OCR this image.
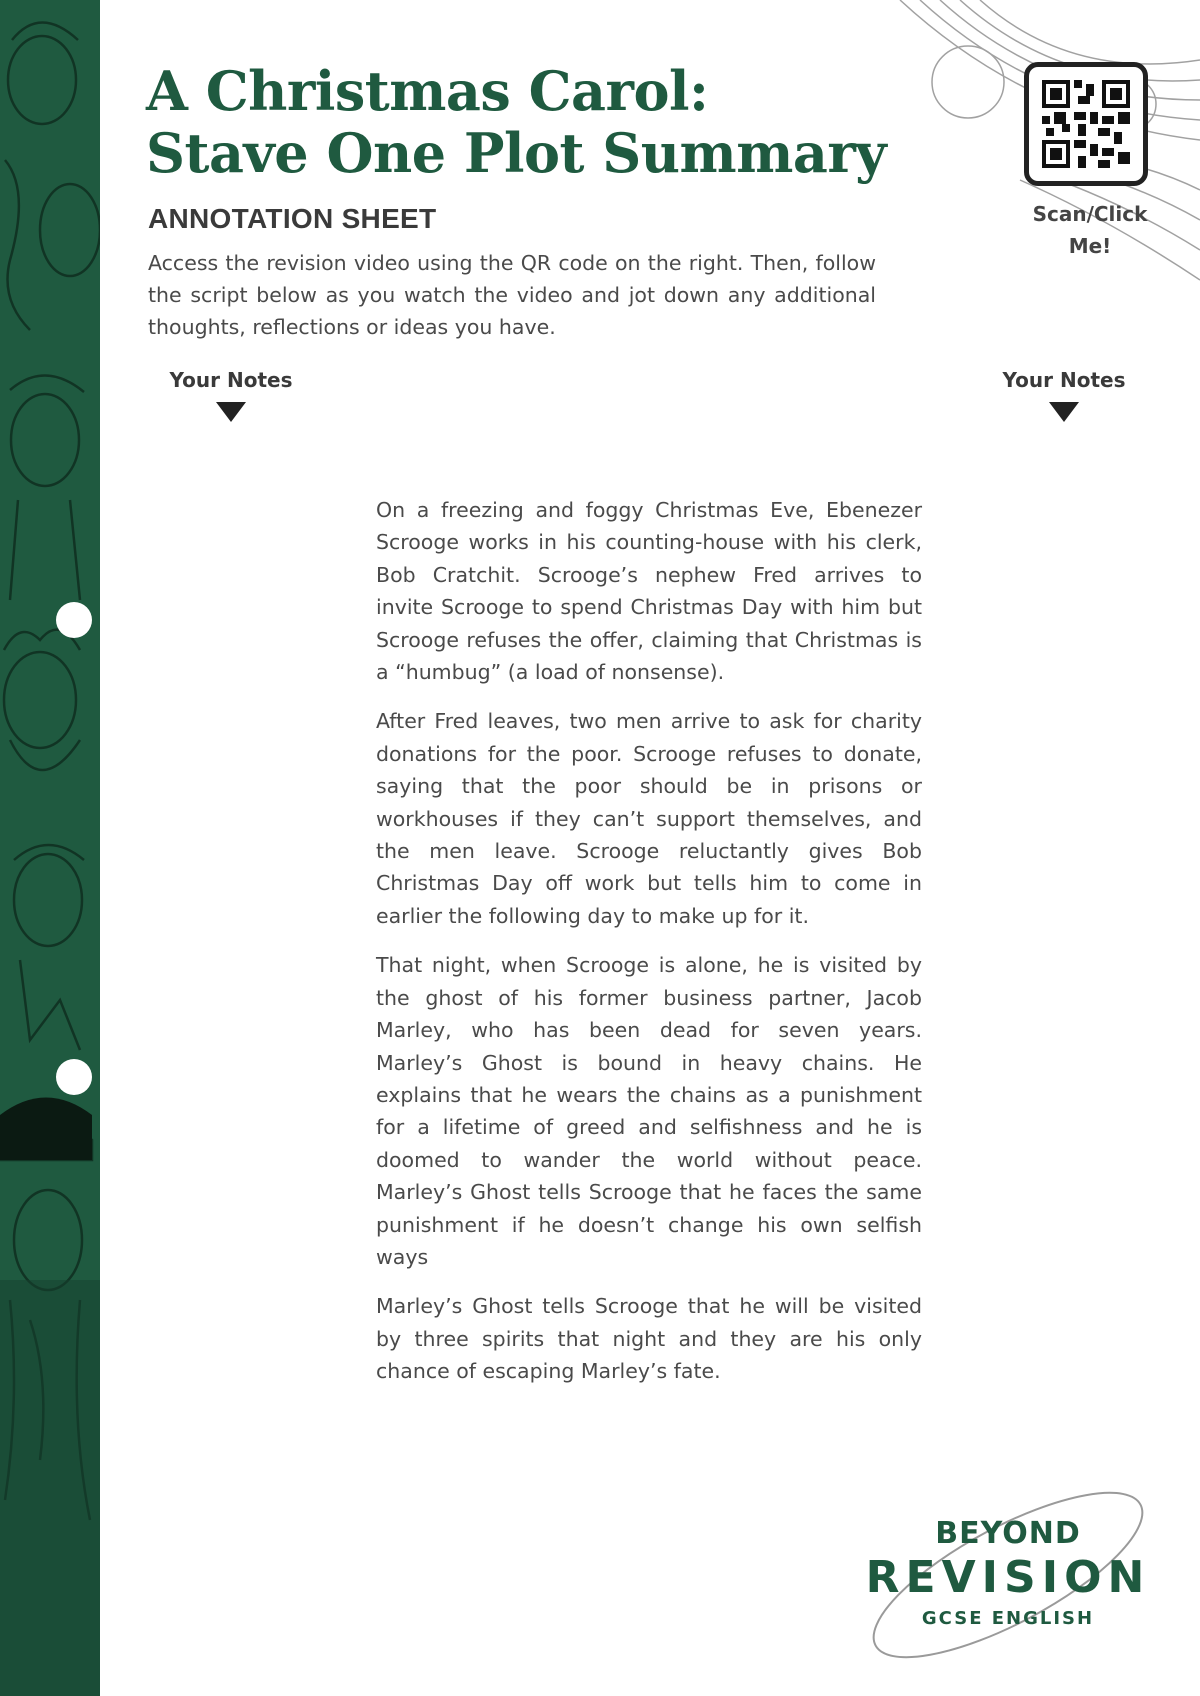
A Christmas Carol:
Stave One Plot Summary
ANNOTATION SHEET

Access the revision video using the QR code on the right. Then, follow the script below as you watch the video and jot down any additional thoughts, reflections or ideas you have.

Scan/Click Me!

Your Notes	Your Notes

On a freezing and foggy Christmas Eve, Ebenezer Scrooge works in his counting-house with his clerk, Bob Cratchit. Scrooge’s nephew Fred arrives to invite Scrooge to spend Christmas Day with him but Scrooge refuses the offer, claiming that Christmas is a “humbug” (a load of nonsense).

After Fred leaves, two men arrive to ask for charity donations for the poor. Scrooge refuses to donate, saying that the poor should be in prisons or workhouses if they can’t support themselves, and the men leave. Scrooge reluctantly gives Bob Christmas Day off work but tells him to come in earlier the following day to make up for it.

That night, when Scrooge is alone, he is visited by the ghost of his former business partner, Jacob Marley, who has been dead for seven years. Marley’s Ghost is bound in heavy chains. He explains that he wears the chains as a punishment for a lifetime of greed and selfishness and he is doomed to wander the world without peace. Marley’s Ghost tells Scrooge that he faces the same punishment if he doesn’t change his own selfish ways

Marley’s Ghost tells Scrooge that he will be visited by three spirits that night and they are his only chance of escaping Marley’s fate.

BEYOND
REVISION
GCSE ENGLISH
